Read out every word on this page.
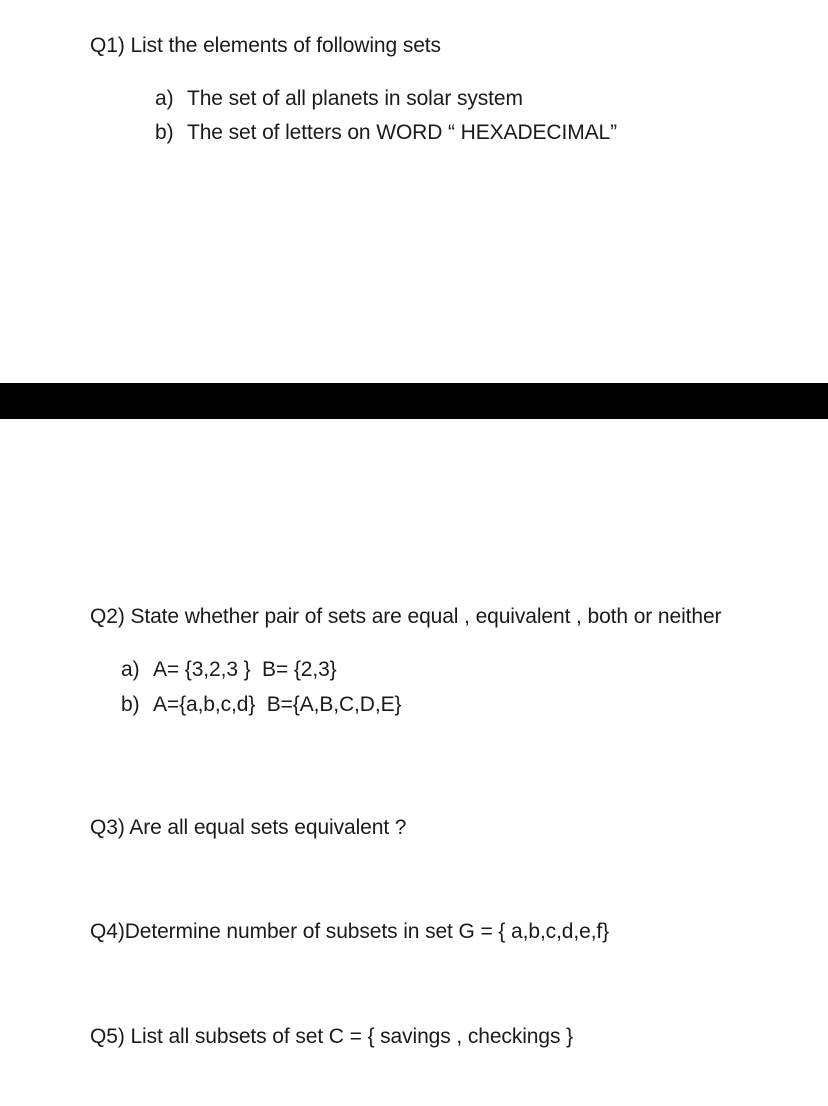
Q1) List the elements of following sets
a) The set of all planets in solar system
b) The set of letters on WORD “ HEXADECIMAL”
Q2) State whether pair of sets are equal , equivalent , both or neither
a) A= {3,2,3 }  B= {2,3}
b) A={a,b,c,d}  B={A,B,C,D,E}
Q3) Are all equal sets equivalent ?
Q4)Determine number of subsets in set G = { a,b,c,d,e,f}
Q5) List all subsets of set C = { savings , checkings }
